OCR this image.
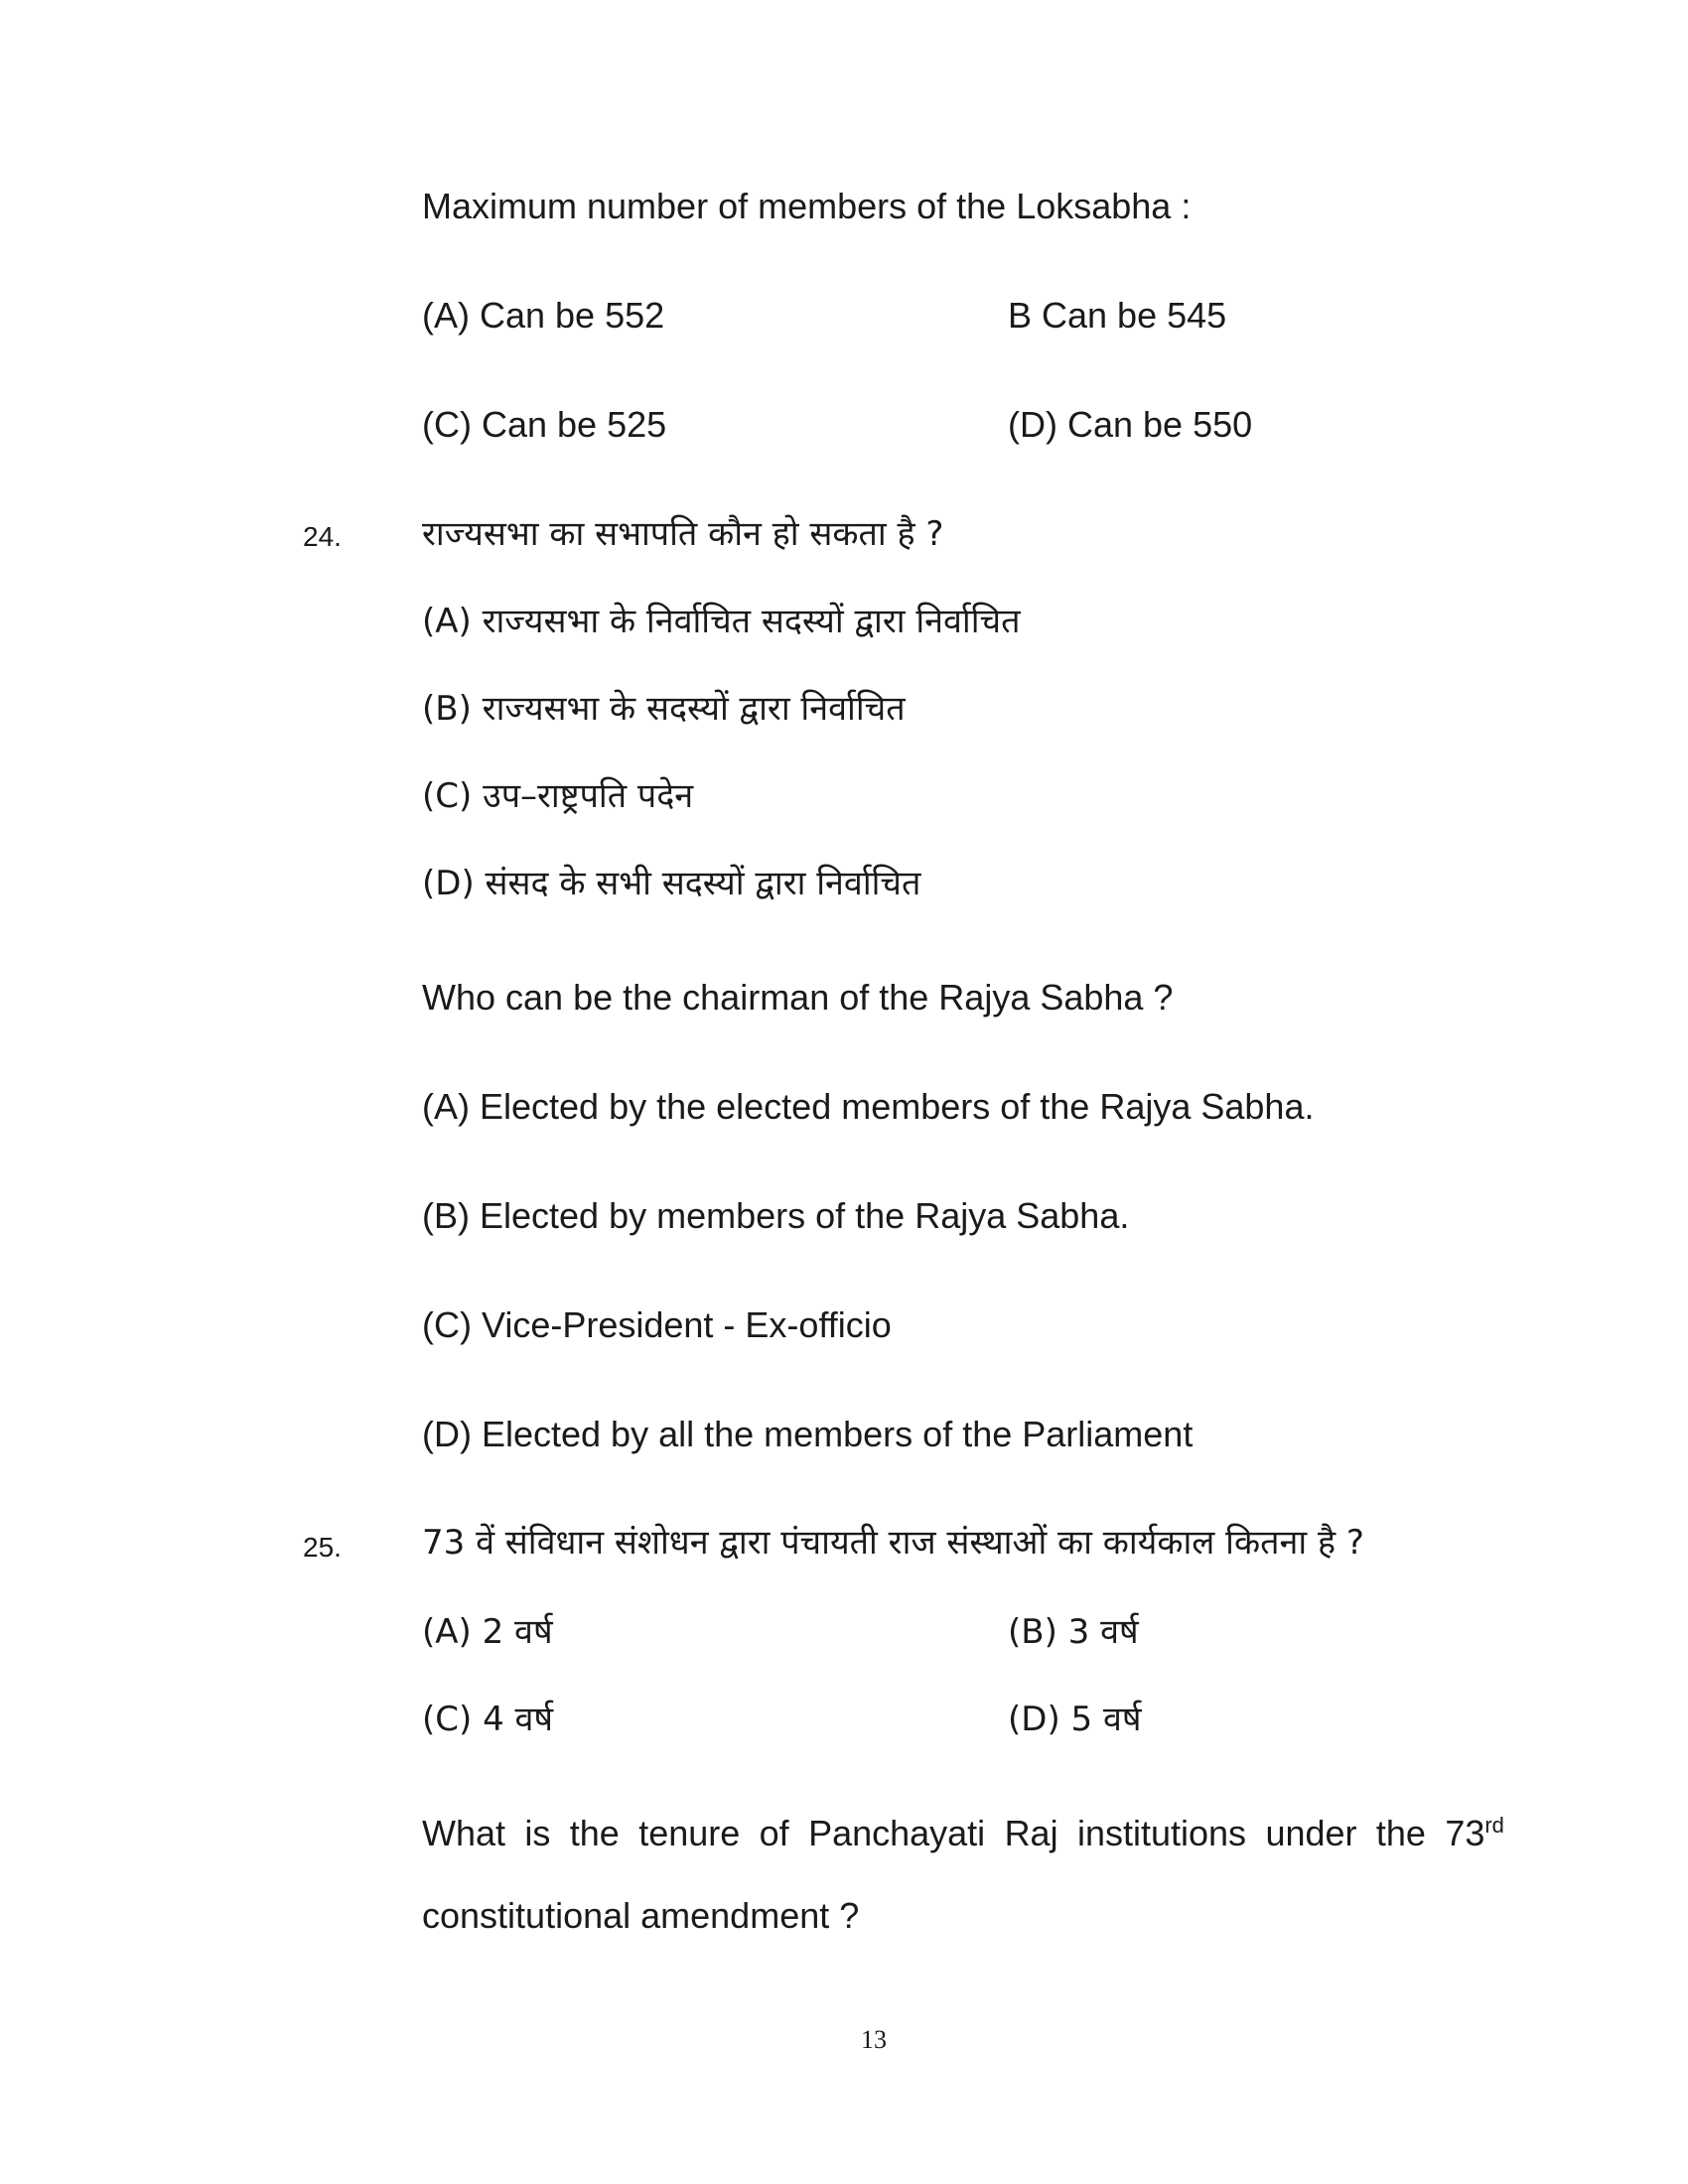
Maximum number of members of the Loksabha :
(A) Can be 552	B Can be 545
(C) Can be 525	(D) Can be 550
24. राज्यसभा का सभापति कौन हो सकता है ?
(A) राज्यसभा के निर्वाचित सदस्यों द्वारा निर्वाचित
(B) राज्यसभा के सदस्यों द्वारा निर्वाचित
(C) उप–राष्ट्रपति पदेन
(D) संसद के सभी सदस्यों द्वारा निर्वाचित
Who can be the chairman of the Rajya Sabha ?
(A) Elected by the elected members of the Rajya Sabha.
(B) Elected by members of the Rajya Sabha.
(C) Vice-President - Ex-officio
(D) Elected by all the members of the Parliament
25. 73 वें संविधान संशोधन द्वारा पंचायती राज संस्थाओं का कार्यकाल कितना है ?
(A) 2 वर्ष	(B) 3 वर्ष
(C) 4 वर्ष	(D) 5 वर्ष
What is the tenure of Panchayati Raj institutions under the 73rd
constitutional amendment ?
13
